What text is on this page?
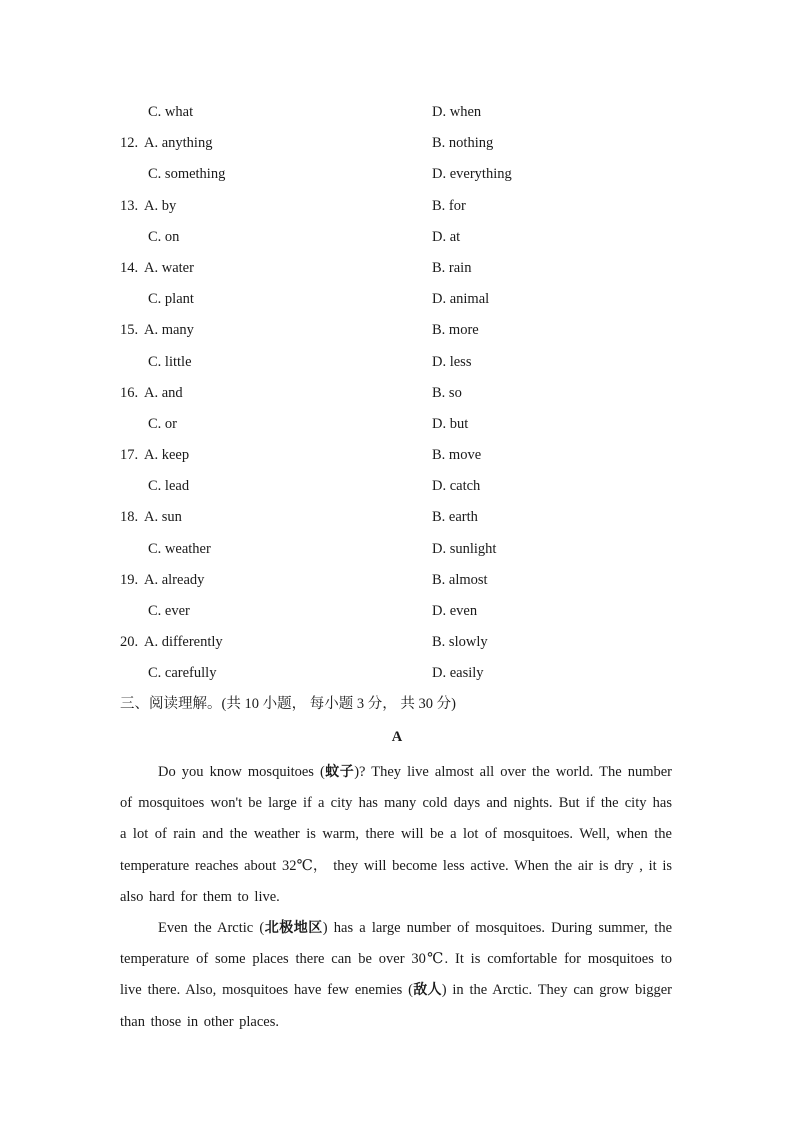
C. what	D. when
12. A. anything	B. nothing
C. something	D. everything
13. A. by	B. for
C. on	D. at
14. A. water	B. rain
C. plant	D. animal
15. A. many	B. more
C. little	D. less
16. A. and	B. so
C. or	D. but
17. A. keep	B. move
C. lead	D. catch
18. A. sun	B. earth
C. weather	D. sunlight
19. A. already	B. almost
C. ever	D. even
20. A. differently	B. slowly
C. carefully	D. easily
三、阅读理解。(共 10 小题， 每小题 3 分， 共 30 分)
A

Do you know mosquitoes (蚊子)? They live almost all over the world. The number of mosquitoes won't be large if a city has many cold days and nights. But if the city has a lot of rain and the weather is warm, there will be a lot of mosquitoes. Well, when the temperature reaches about 32℃， they will become less active. When the air is dry , it is also hard for them to live.

Even the Arctic (北极地区) has a large number of mosquitoes. During summer, the temperature of some places there can be over 30℃. It is comfortable for mosquitoes to live there. Also, mosquitoes have few enemies (敌人) in the Arctic. They can grow bigger than those in other places.
